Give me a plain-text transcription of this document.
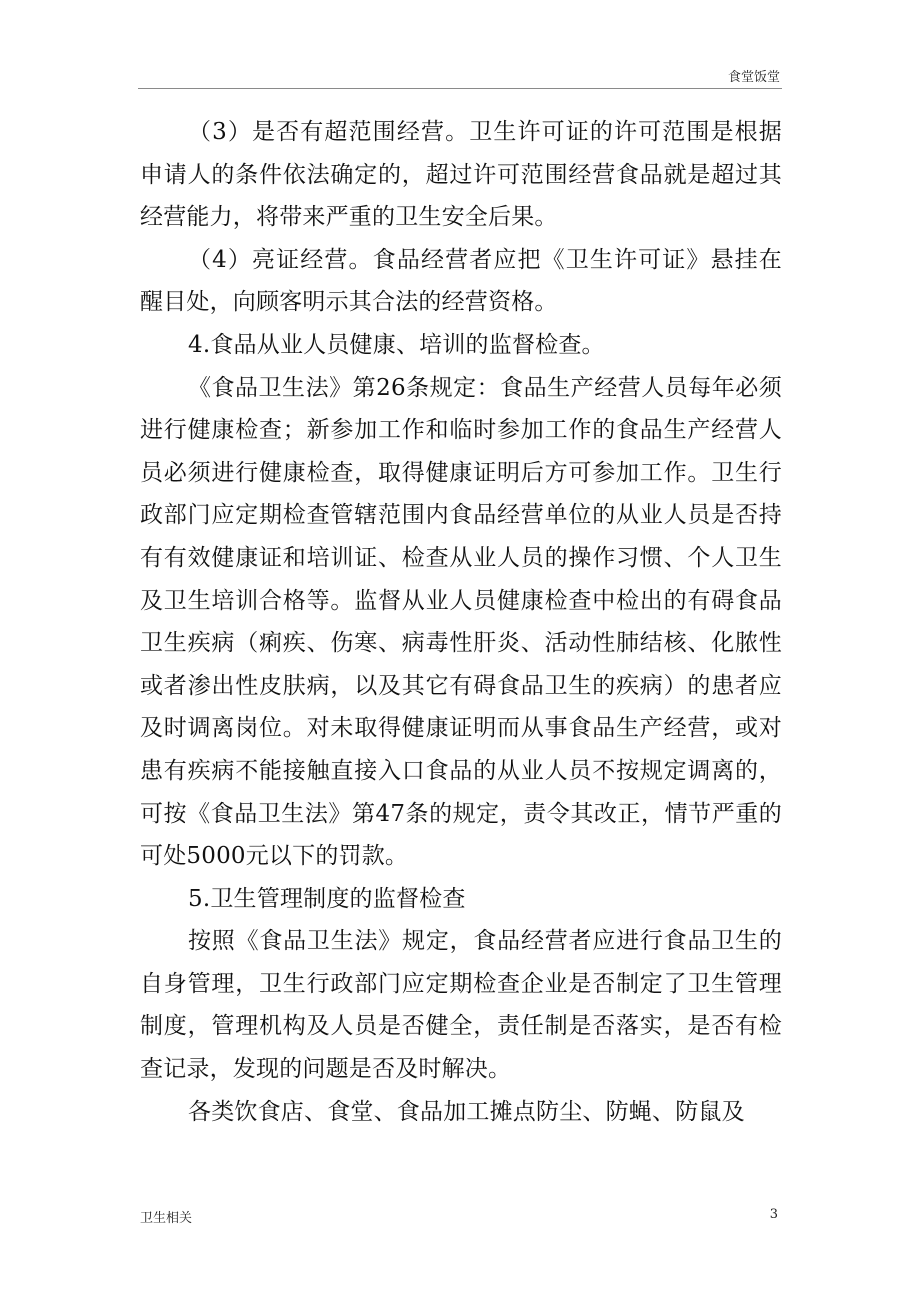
食堂饭堂

（3）是否有超范围经营。卫生许可证的许可范围是根据申请人的条件依法确定的，超过许可范围经营食品就是超过其经营能力，将带来严重的卫生安全后果。

（4）亮证经营。食品经营者应把《卫生许可证》悬挂在醒目处，向顾客明示其合法的经营资格。

4.食品从业人员健康、培训的监督检查。

《食品卫生法》第26条规定：食品生产经营人员每年必须进行健康检查；新参加工作和临时参加工作的食品生产经营人员必须进行健康检查，取得健康证明后方可参加工作。卫生行政部门应定期检查管辖范围内食品经营单位的从业人员是否持有有效健康证和培训证、检查从业人员的操作习惯、个人卫生及卫生培训合格等。监督从业人员健康检查中检出的有碍食品卫生疾病（痢疾、伤寒、病毒性肝炎、活动性肺结核、化脓性或者渗出性皮肤病，以及其它有碍食品卫生的疾病）的患者应及时调离岗位。对未取得健康证明而从事食品生产经营，或对患有疾病不能接触直接入口食品的从业人员不按规定调离的，可按《食品卫生法》第47条的规定，责令其改正，情节严重的可处5000元以下的罚款。

5.卫生管理制度的监督检查

按照《食品卫生法》规定，食品经营者应进行食品卫生的自身管理，卫生行政部门应定期检查企业是否制定了卫生管理制度，管理机构及人员是否健全，责任制是否落实，是否有检查记录，发现的问题是否及时解决。

各类饮食店、食堂、食品加工摊点防尘、防蝇、防鼠及

卫生相关	3
